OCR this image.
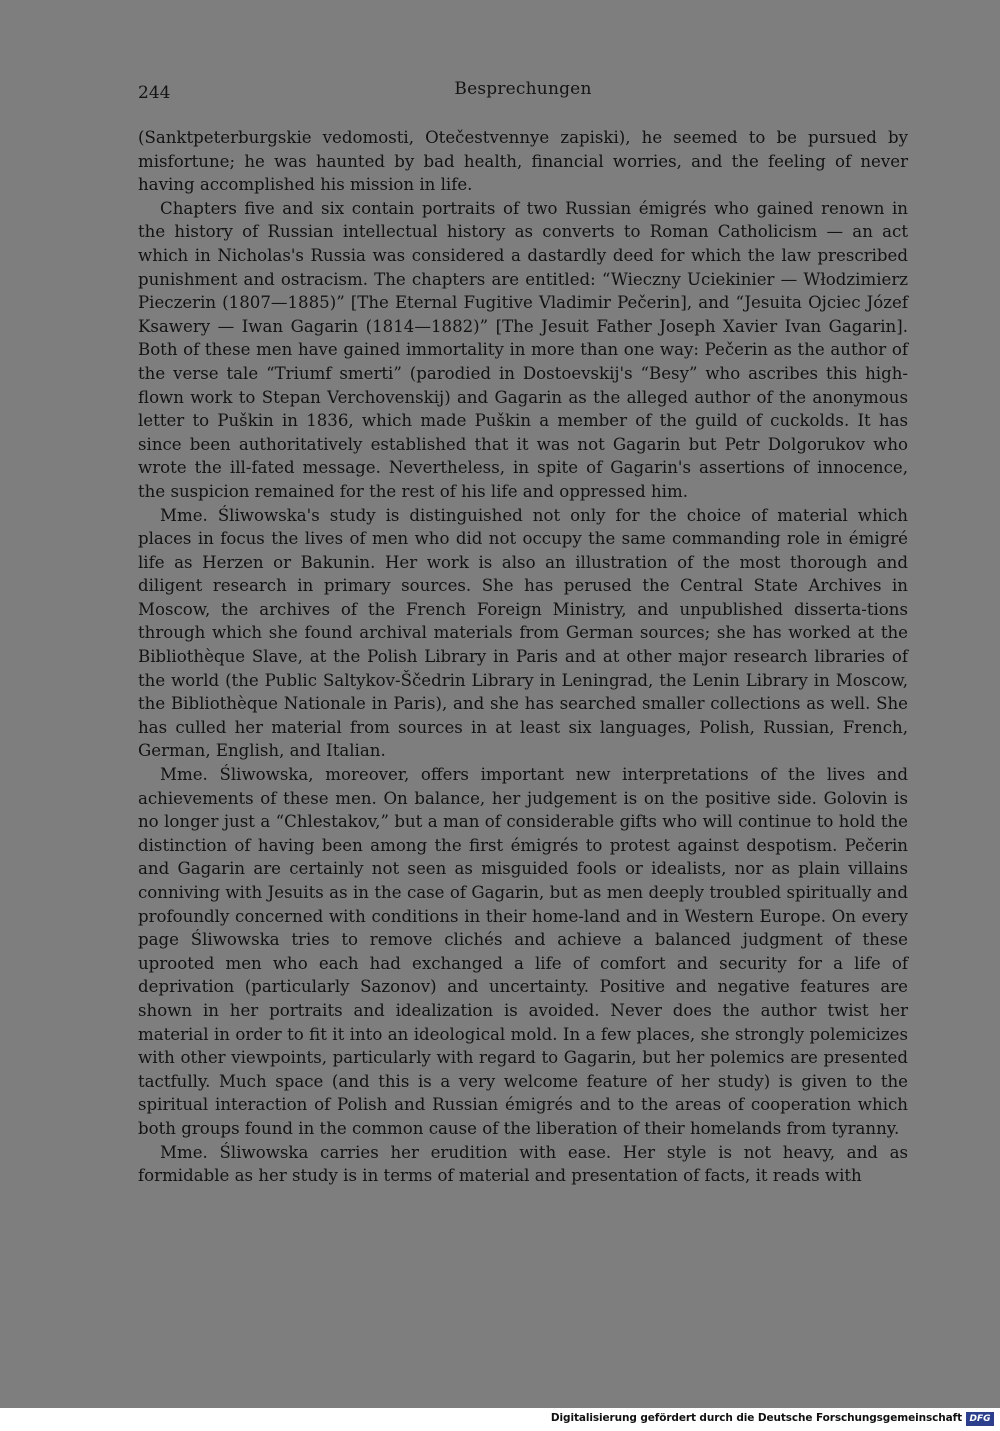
244	Besprechungen

(Sanktpeterburgskie vedomosti, Otečestvennye zapiski), he seemed to be pursued by misfortune; he was haunted by bad health, financial worries, and the feeling of never having accomplished his mission in life.

Chapters five and six contain portraits of two Russian émigrés who gained renown in the history of Russian intellectual history as converts to Roman Catholicism — an act which in Nicholas's Russia was considered a dastardly deed for which the law prescribed punishment and ostracism. The chapters are entitled: “Wieczny Uciekinier — Włodzimierz Pieczerin (1807—1885)” [The Eternal Fugitive Vladimir Pečerin], and “Jesuita Ojciec Józef Ksawery — Iwan Gagarin (1814—1882)” [The Jesuit Father Joseph Xavier Ivan Gagarin]. Both of these men have gained immortality in more than one way: Pečerin as the author of the verse tale “Triumf smerti” (parodied in Dostoevskij's “Besy” who ascribes this high-flown work to Stepan Verchovenskij) and Gagarin as the alleged author of the anonymous letter to Puškin in 1836, which made Puškin a member of the guild of cuckolds. It has since been authoritatively established that it was not Gagarin but Petr Dolgorukov who wrote the ill-fated message. Nevertheless, in spite of Gagarin's assertions of innocence, the suspicion remained for the rest of his life and oppressed him.

Mme. Śliwowska's study is distinguished not only for the choice of material which places in focus the lives of men who did not occupy the same commanding role in émigré life as Herzen or Bakunin. Her work is also an illustration of the most thorough and diligent research in primary sources. She has perused the Central State Archives in Moscow, the archives of the French Foreign Ministry, and unpublished disserta-tions through which she found archival materials from German sources; she has worked at the Bibliothèque Slave, at the Polish Library in Paris and at other major research libraries of the world (the Public Saltykov-Ščedrin Library in Leningrad, the Lenin Library in Moscow, the Bibliothèque Nationale in Paris), and she has searched smaller collections as well. She has culled her material from sources in at least six languages, Polish, Russian, French, German, English, and Italian.

Mme. Śliwowska, moreover, offers important new interpretations of the lives and achievements of these men. On balance, her judgement is on the positive side. Golovin is no longer just a “Chlestakov,” but a man of considerable gifts who will continue to hold the distinction of having been among the first émigrés to protest against despotism. Pečerin and Gagarin are certainly not seen as misguided fools or idealists, nor as plain villains conniving with Jesuits as in the case of Gagarin, but as men deeply troubled spiritually and profoundly concerned with conditions in their home-land and in Western Europe. On every page Śliwowska tries to remove clichés and achieve a balanced judgment of these uprooted men who each had exchanged a life of comfort and security for a life of deprivation (particularly Sazonov) and uncertainty. Positive and negative features are shown in her portraits and idealization is avoided. Never does the author twist her material in order to fit it into an ideological mold. In a few places, she strongly polemicizes with other viewpoints, particularly with regard to Gagarin, but her polemics are presented tactfully. Much space (and this is a very welcome feature of her study) is given to the spiritual interaction of Polish and Russian émigrés and to the areas of cooperation which both groups found in the common cause of the liberation of their homelands from tyranny.

Mme. Śliwowska carries her erudition with ease. Her style is not heavy, and as formidable as her study is in terms of material and presentation of facts, it reads with

Digitalisierung gefördert durch die Deutsche Forschungsgemeinschaft DFG
